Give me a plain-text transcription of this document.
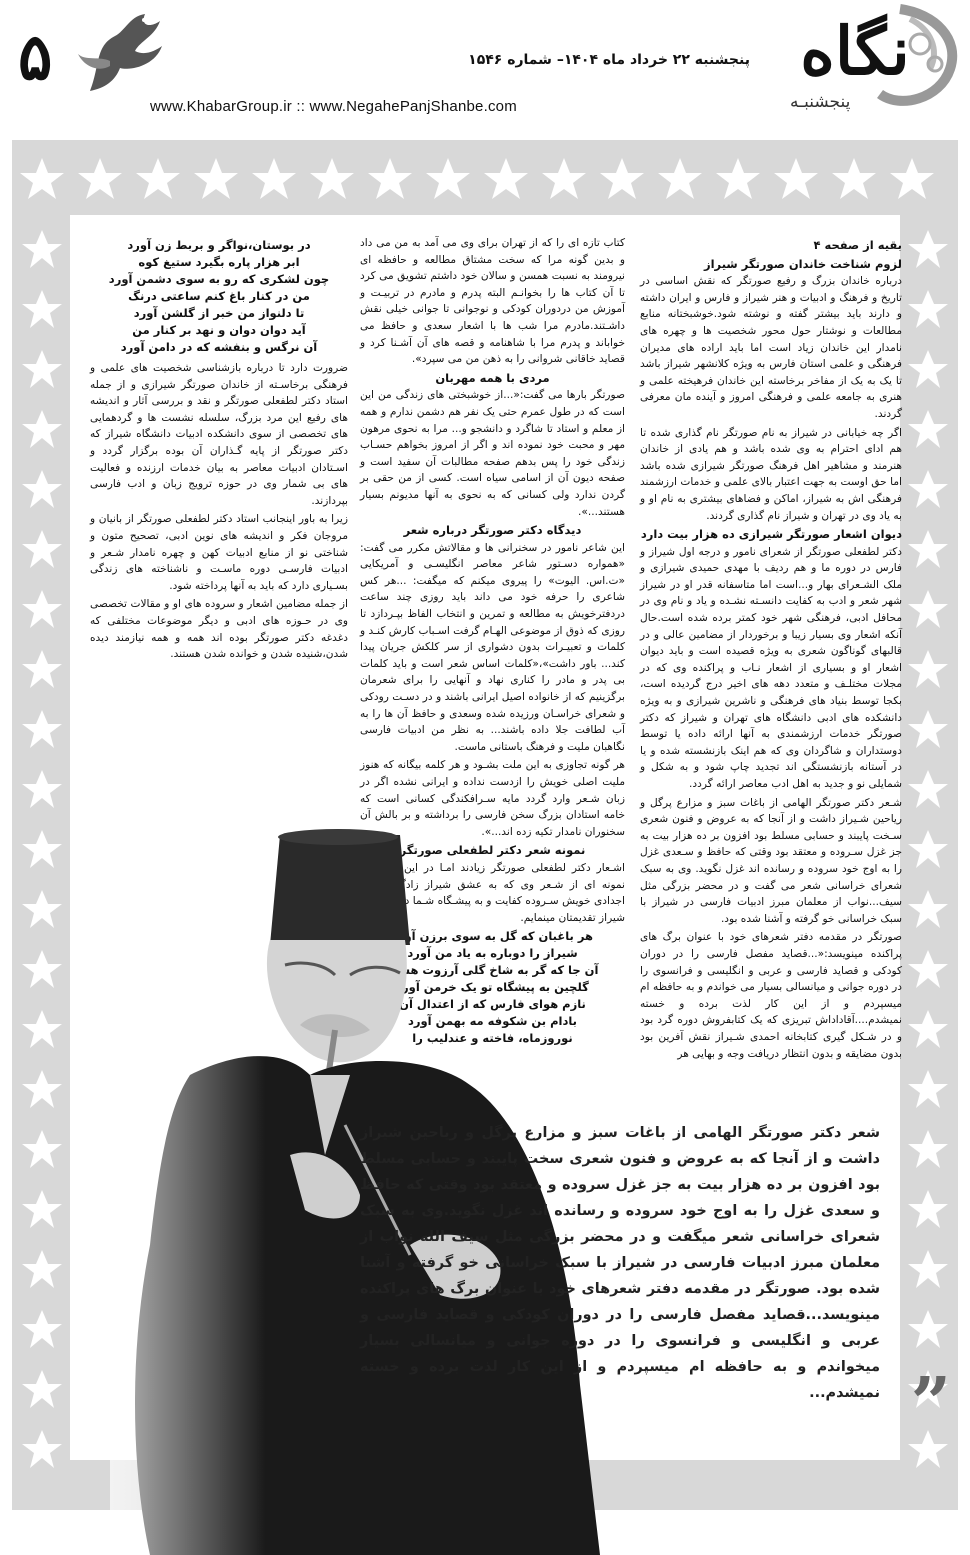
۵	پنجشنبه ۲۲ خرداد ماه ۱۴۰۴– شماره ۱۵۴۶
www.KhabarGroup.ir :: www.NegahePanjShanbe.com
نگاه
پنجشنبـه

بقیه از صفحه ۴

لزوم شناخت خاندان صورتگر شیراز

درباره خاندان بزرگ و رفیع صورتگر که نقش اساسی در تاریخ و فرهنگ و ادبیات و هنر شیراز و فارس و ایران داشته و دارند باید بیشتر گفته و نوشته شود.خوشبختانه منابع مطالعات و نوشتار حول محور شخصیت ها و چهره های نامدار این خاندان زیاد است اما باید اراده های مدیران فرهنگی و علمی استان فارس به ویژه کلانشهر شیراز باشد تا یک به یک از مفاخر برخاسته این خاندان فرهیخته علمی و هنری به جامعه علمی و فرهنگی امروز و آینده مان معرفی گردند.

اگر چه خیابانی در شیراز به نام صورتگر نام گذاری شده تا هم ادای احترام به وی شده باشد و هم یادی از خاندان هنرمند و مشاهیر اهل فرهنگ صورتگر شیرازی شده باشد اما حق اوست به جهت اعتبار بالای علمی و خدمات ارزشمند فرهنگی اش به شیراز، اماکن و فضاهای بیشتری به نام او و به یاد وی در تهران و شیراز نام گذاری گردند.

دیوان اشعار صورتگر شیرازی ده هزار بیت دارد

دکتر لطفعلی صورتگر از شعرای نامور و درجه اول شیراز و فارس در دوره ما و هم ردیف با مهدی حمیدی شیرازی و ملک الشـعرای بهار و...است اما متاسفانه قدر او در شیراز شهر شعر و ادب به کفایت دانسـته نشـده و یاد و نام وی در محافل ادبی، فرهنگی شهر خود کمتر برده شده است.حال آنکه اشعار وی بسیار زیبا و برخوردار از مضامین عالی و در قالبهای گوناگون شعری به ویژه قصیده است و باید دیوان اشعار او و بسیاری از اشعار نـاب و پراکنده وی که در مجلات مختلـف و متعدد دهه های اخیر درج گردیده است، بکجا توسط بنیاد های فرهنگی و ناشرین شیرازی و به ویژه دانشکده های ادبی دانشگاه های تهران و شیراز که دکتر صورتگر خدمات ارزشمندی به آنها ارائه داده یا توسط دوستداران و شاگردان وی که هم اینک بازنشسته شده و یا در آستانه بازنشستگی اند تجدید چاپ شود و به شکل و شمایلی نو و جدید به اهل ادب معاصر ارائه گردد.

شـعر دکتر صورتگر الهامی از باغات سبز و مزارع پرگل و ریاحین شـیراز داشت و از آنجا که به عروض و فنون شعری سـخت پایبند و حسابی مسلط بود افزون بر ده هزار بیت به جز غزل سـروده و معتقد بود وقتی که حافظ و سـعدی غزل را به اوج خود سروده و رسانده اند غزل نگوید. وی به سبک شعرای خراسانی شعر می گفت و در محضر بزرگی مثل سیف...نواب از معلمان مبرز ادبیات فارسی در شیراز با سبک خراسانی خو گرفته و آشنا شده بود.

صورتگر در مقدمه دفتر شعرهای خود با عنوان برگ های پراکنده مینویسد:«...قصاید مفصل فارسی را در دوران کودکی و قصاید فارسی و عربی و انگلیسی و فرانسوی را در دوره جوانی و میانسالی بسیار می خواندم و به حافظه ام میسپردم و از این کار لذت برده و خسته نمیشدم....آقاداداش تبریزی که یک کتابفروش دوره گرد بود و در شـکل گیری کتابخانه احمدی شـیراز نقش آفرین بود بدون مضایقه و بدون انتظار دریافت وجه و بهایی هر

کتاب تازه ای را که از تهران برای وی می آمد به من می داد و بدین گونه مرا که سخت مشتاق مطالعه و حافظه ای نیرومند به نسبت همسن و سالان خود داشتم تشویق می کرد تا آن کتاب ها را بخوانـم البته پدرم و مادرم در تربیـت و آموزش من دردوران کودکی و نوجوانی تا جوانی خیلی نقش داشـتند.مادرم مرا شب ها با اشعار سعدی و حافظ می خواباند و پدرم مرا با شاهنامه و قصه های آن آشـنا کرد و قصاید خاقانی شروانی را به ذهن من می سپرد».

مردی با همه مهربان

صورتگر بارها می گفت:«...از خوشبختی های زندگی من این است که در طول عمرم حتی یک نفر هم دشمن ندارم و همه از معلم و استاد تا شاگرد و دانشجو و... مرا به نحوی مرهون مهر و محبت خود نموده اند و اگر از امروز بخواهم حسـاب زندگی خود را پس بدهم صفحه مطالبات آن سفید است و صفحه دیون آن از اسامی سیاه است. کسی از من حقی بر گردن ندارد ولی کسانی که به نحوی به آنها مدیونم بسیار هستند...».

دیدگاه دکتر صورتگر درباره شعر

این شاعر نامور در سخنرانی ها و مقالاتش مکرر می گفت: «همواره دسـتور شاعر معاصر انگلیسـی و آمریکایی «ت.اس. الیوت» را پیروی میکنم که میگفت: ...هر کس شاعری را حرفه خود می داند باید روزی چند ساعت دردفترخویش به مطالعه و تمرین و انتخاب الفاظ بپـردازد تا روزی که ذوق از موضوعی الهـام گرفت اسـباب کارش کنـد و کلمات و تعبیـرات بدون دشواری از سر کلکش جریان پیدا کند... باور داشت»،«کلمات اساس شعر است و باید کلمات بی پدر و مادر را کناری نهاد و آنهایی را برای شعرمان برگزینیم که از خانواده اصیل ایرانی باشند و در دسـت رودکی و شعرای خراسـان ورزیده شده وسعدی و حافظ آن ها را به آب لطافت جلا داده باشند... به نظر من ادبیات فارسی نگاهبان ملیت و فرهنگ باستانی ماست.

هر گونه تجاوزی به این ملت بشـود و هر کلمه بیگانه که هنوز ملیت اصلی خویش را ازدست نداده و ایرانی نشده اگر در زبان شـعر وارد گردد مایه سـرافکندگی کسانی است که خامه استادان بزرگ سخن فارسی را برداشته و بر بالش آن

در بوستان،نواگر و بربط زن آورد
ابر هزار پاره بگیرد ستیغ کوه
چون لشکری که رو به سوی دشمن آورد
من در کنار باغ کنم ساعتی درنگ
تا دلنواز من خبر از گلشن آورد
آید دوان دوان و نهد بر کنار من
آن نرگس و بنفشه که در دامن آورد

ضرورت دارد تا درباره بازشناسی شخصیت های علمی و فرهنگی برخاسـته از خاندان صورتگر شیرازی و از جمله استاد دکتر لطفعلی صورتگر و نقد و بررسی آثار و اندیشه های رفیع این مرد بزرگ، سلسله نشست ها و گردهمایی های تخصصی از سوی دانشکده ادبیات دانشگاه شیراز که دکتر صورتگر از پایه گـذاران آن بوده برگزار گردد و اسـتادان ادبیات معاصر به بیان خدمات ارزنده و فعالیت های بی شمار وی در حوزه ترویج زبان و ادب فارسی بپردازند.

زیرا به باور اینجانب استاد دکتر لطفعلی صورتگر از بانیان و مروجان فکر و اندیشه های نوین ادبی، تصحیح متون و شناختی نو از منابع ادبیات کهن و چهره نامدار شـعر و ادبیات فارسـی دوره ماسـت و ناشناخته های زندگی بسـیاری دارد که باید به آنها پرداخته شود.

از جمله مضامین اشعار و سروده های او و مقالات تخصصی وی در حـوزه های ادبی و دیگر موضوعات مختلفی که دغدغه دکتر صورتگر بوده اند همه و همه نیازمند دیده شدن،شنیده شدن و خوانده شدن هستند.

„
شعر دکتر صورتگر الهامی از باغات سبز و مزارع پرگل و ریاحین شیراز داشت و از آنجا که به عروض و فنون شعری سخت پایبند و حسابی مسلط بود افزون بر ده هزار بیت به جز غزل سروده و معتقد بود وقتی که حافظ و سعدی غزل را به اوج خود سروده و رسانده اند غزل نگوید.وی به سبک شعرای خراسانی شعر میگفت و در محضر بزرگی مثل سیف الله نواب از معلمان مبرز ادبیات فارسی در شیراز با سبک خراسانی خو گرفته و آشنا شده بود. صورتگر در مقدمه دفتر شعرهای خود با عنوان برگ های پراکنده مینویسد...قصاید مفصل فارسی را در دوران کودکی و قصاید فارسی و عربی و انگلیسی و فرانسوی را در دوره جوانی و میانسالی بسیار میخواندم و به حافظه ام میسپردم و از این کار لذت برده و خسته نمیشدم...
